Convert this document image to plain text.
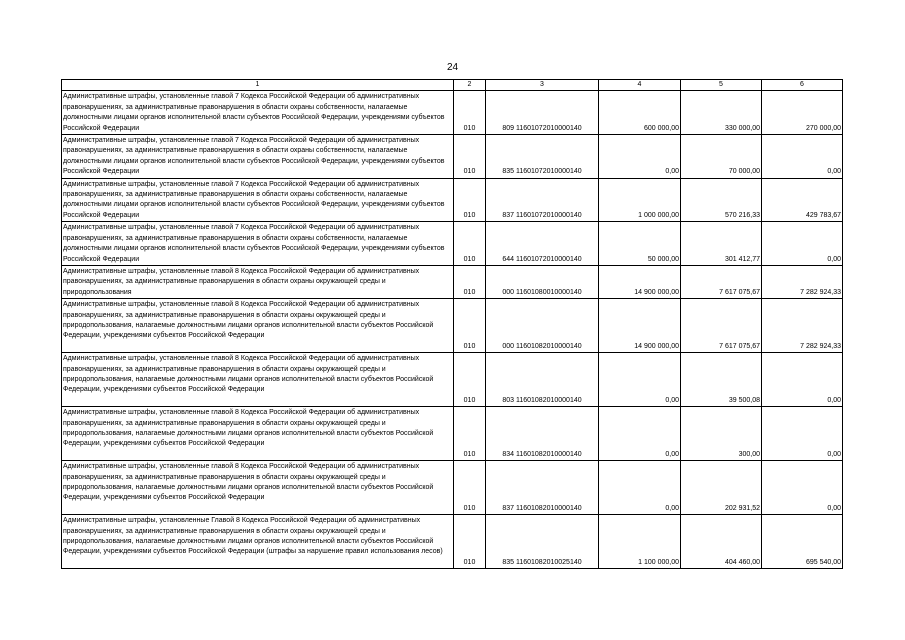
24
1	2	3	4	5	6
Административные штрафы, установленные главой 7 Кодекса Российской Федерации об административных правонарушениях, за административные правонарушения в области охраны собственности, налагаемые должностными лицами органов исполнительной власти субъектов Российской Федерации, учреждениями субъектов Российской Федерации	010	809 11601072010000140	600 000,00	330 000,00	270 000,00
Административные штрафы, установленные главой 7 Кодекса Российской Федерации об административных правонарушениях, за административные правонарушения в области охраны собственности, налагаемые должностными лицами органов исполнительной власти субъектов Российской Федерации, учреждениями субъектов Российской Федерации	010	835 11601072010000140	0,00	70 000,00	0,00
Административные штрафы, установленные главой 7 Кодекса Российской Федерации об административных правонарушениях, за административные правонарушения в области охраны собственности, налагаемые должностными лицами органов исполнительной власти субъектов Российской Федерации, учреждениями субъектов Российской Федерации	010	837 11601072010000140	1 000 000,00	570 216,33	429 783,67
Административные штрафы, установленные главой 7 Кодекса Российской Федерации об административных правонарушениях, за административные правонарушения в области охраны собственности, налагаемые должностными лицами органов исполнительной власти субъектов Российской Федерации, учреждениями субъектов Российской Федерации	010	644 11601072010000140	50 000,00	301 412,77	0,00
Административные штрафы, установленные главой 8 Кодекса Российской Федерации об административных правонарушениях, за административные правонарушения в области охраны окружающей среды и природопользования	010	000 11601080010000140	14 900 000,00	7 617 075,67	7 282 924,33
Административные штрафы, установленные главой 8 Кодекса Российской Федерации об административных правонарушениях, за административные правонарушения в области охраны окружающей среды и природопользования, налагаемые должностными лицами органов исполнительной власти субъектов Российской Федерации, учреждениями субъектов Российской Федерации	010	000 11601082010000140	14 900 000,00	7 617 075,67	7 282 924,33
Административные штрафы, установленные главой 8 Кодекса Российской Федерации об административных правонарушениях, за административные правонарушения в области охраны окружающей среды и природопользования, налагаемые должностными лицами органов исполнительной власти субъектов Российской Федерации, учреждениями субъектов Российской Федерации	010	803 11601082010000140	0,00	39 500,08	0,00
Административные штрафы, установленные главой 8 Кодекса Российской Федерации об административных правонарушениях, за административные правонарушения в области охраны окружающей среды и природопользования, налагаемые должностными лицами органов исполнительной власти субъектов Российской Федерации, учреждениями субъектов Российской Федерации	010	834 11601082010000140	0,00	300,00	0,00
Административные штрафы, установленные главой 8 Кодекса Российской Федерации об административных правонарушениях, за административные правонарушения в области охраны окружающей среды и природопользования, налагаемые должностными лицами органов исполнительной власти субъектов Российской Федерации, учреждениями субъектов Российской Федерации	010	837 11601082010000140	0,00	202 931,52	0,00
Административные штрафы, установленные Главой 8 Кодекса Российской Федерации об административных правонарушениях, за административные правонарушения в области охраны окружающей среды и природопользования, налагаемые должностными лицами органов исполнительной власти субъектов Российской Федерации, учреждениями субъектов Российской Федерации (штрафы за нарушение правил использования лесов)	010	835 11601082010025140	1 100 000,00	404 460,00	695 540,00
